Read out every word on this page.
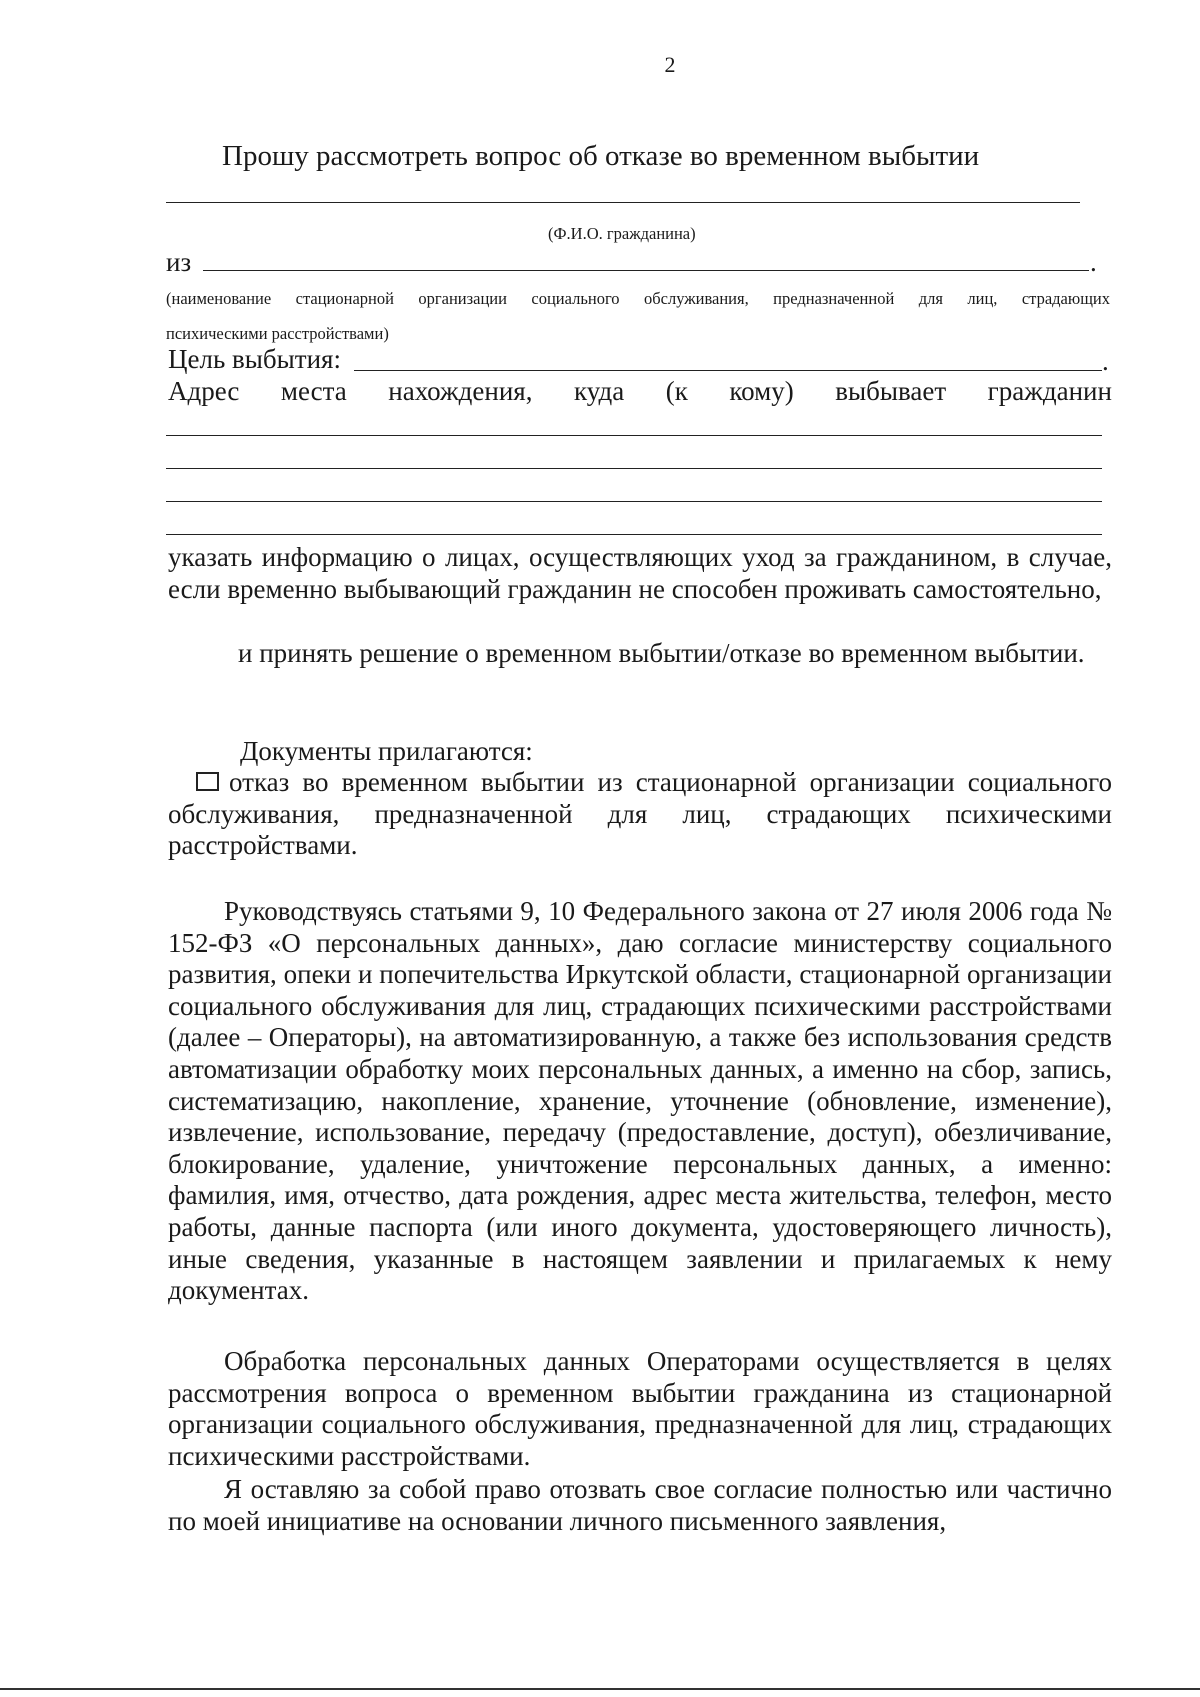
2
Прошу рассмотреть вопрос об отказе во временном выбытии
(Ф.И.О. гражданина)
из	.
(наименование стационарной организации социального обслуживания, предназначенной для лиц, страдающих
психическими расстройствами)
Цель выбытия:	.
Адрес места нахождения, куда (к кому) выбывает гражданин
указать информацию о лицах, осуществляющих уход за гражданином, в случае, если временно выбывающий гражданин не способен проживать самостоятельно,
и принять решение о временном выбытии/отказе во временном выбытии.
Документы прилагаются:
отказ во временном выбытии из стационарной организации социального обслуживания, предназначенной для лиц, страдающих психическими расстройствами.
Руководствуясь статьями 9, 10 Федерального закона от 27 июля 2006 года № 152-ФЗ «О персональных данных», даю согласие министерству социального развития, опеки и попечительства Иркутской области, стационарной организации социального обслуживания для лиц, страдающих психическими расстройствами (далее – Операторы), на автоматизированную, а также без использования средств автоматизации обработку моих персональных данных, а именно на сбор, запись, систематизацию, накопление, хранение, уточнение (обновление, изменение), извлечение, использование, передачу (предоставление, доступ), обезличивание, блокирование, удаление, уничтожение персональных данных, а именно: фамилия, имя, отчество, дата рождения, адрес места жительства, телефон, место работы, данные паспорта (или иного документа, удостоверяющего личность), иные сведения, указанные в настоящем заявлении и прилагаемых к нему документах.
Обработка персональных данных Операторами осуществляется в целях рассмотрения вопроса о временном выбытии гражданина из стационарной организации социального обслуживания, предназначенной для лиц, страдающих психическими расстройствами.
Я оставляю за собой право отозвать свое согласие полностью или частично по моей инициативе на основании личного письменного заявления,
